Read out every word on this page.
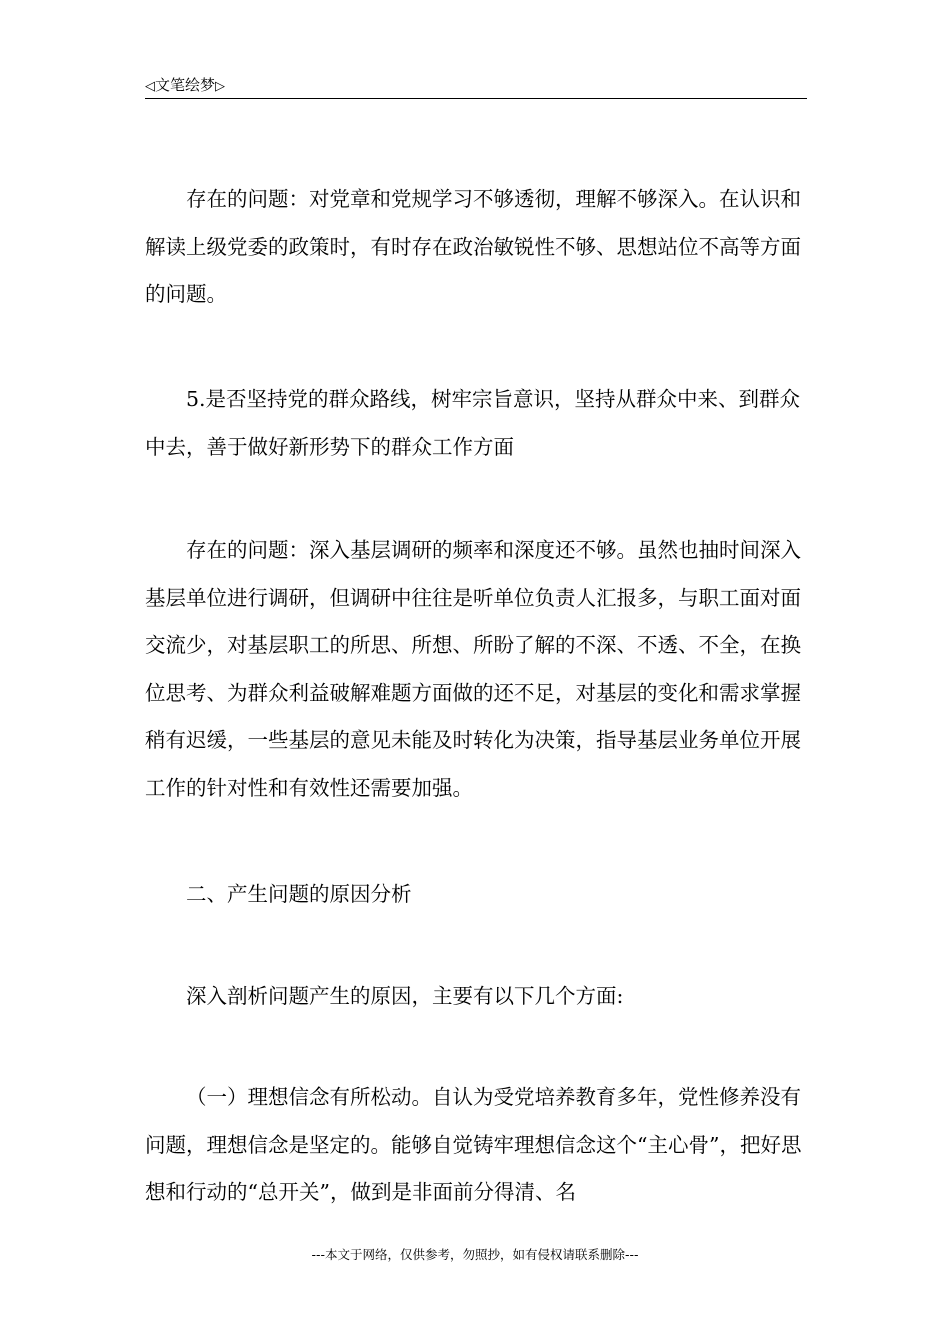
◁文笔绘梦▷

存在的问题：对党章和党规学习不够透彻，理解不够深入。在认识和解读上级党委的政策时，有时存在政治敏锐性不够、思想站位不高等方面的问题。

5.是否坚持党的群众路线，树牢宗旨意识，坚持从群众中来、到群众中去，善于做好新形势下的群众工作方面

存在的问题：深入基层调研的频率和深度还不够。虽然也抽时间深入基层单位进行调研，但调研中往往是听单位负责人汇报多，与职工面对面交流少，对基层职工的所思、所想、所盼了解的不深、不透、不全，在换位思考、为群众利益破解难题方面做的还不足，对基层的变化和需求掌握稍有迟缓，一些基层的意见未能及时转化为决策，指导基层业务单位开展工作的针对性和有效性还需要加强。

二、产生问题的原因分析

深入剖析问题产生的原因，主要有以下几个方面:

（一）理想信念有所松动。自认为受党培养教育多年，党性修养没有问题，理想信念是坚定的。能够自觉铸牢理想信念这个“主心骨”，把好思想和行动的“总开关”，做到是非面前分得清、名

---本文于网络，仅供参考，勿照抄，如有侵权请联系删除---
